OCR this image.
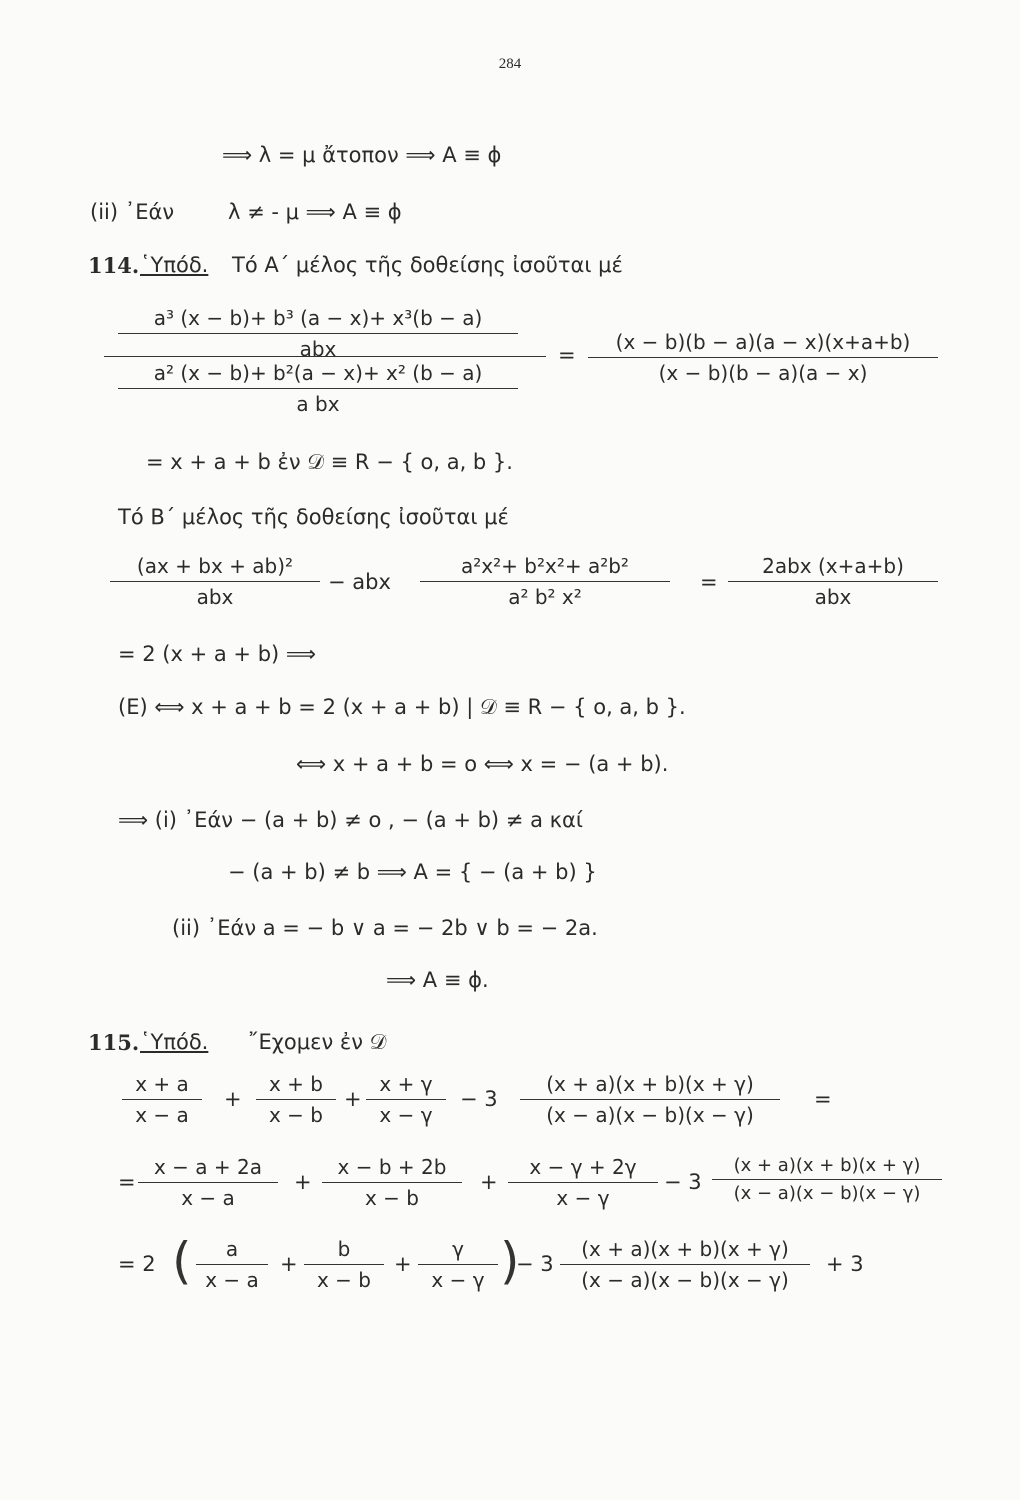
284
⟹ λ = μ ἄτοπον ⟹ A ≡ ϕ
(ii) ᾽Εάν	λ ≠ - μ ⟹ A ≡ ϕ
114. ῾Υπόδ. Τό Α΄ μέλος τῆς δοθείσης ἰσοῦται μέ
a³ (x − b)+ b³ (a − x)+ x³(b − a)
abx
$\frac{\text{a² (x − b)+ b²(a − x)+ x² (b − a)}}{\text{a bx}}$
= $\frac{(x - b)(b - a)(a - x)(x+a+b)}{(x - b)(b - a)(a - x)}$
= x + a + b ἐν 𝒟 ≡ R − { o, a, b }.
Τό Β΄ μέλος τῆς δοθείσης ἰσοῦται μέ
(ax + bx + ab)²
abx
− abx $\frac{\text{a²x²+ b²x²+ a²b²}}{\text{a² b² x²}}$ =
2abx (x+a+b)
abx
= 2 (x + a + b) ⟹
(E) ⟺ x + a + b = 2 (x + a + b) | 𝒟 ≡ R − { o, a, b }.
⟺ x + a + b = o ⟺ x = − (a + b).
⟹ (i) ᾽Εάν − (a + b) ≠ o , − (a + b) ≠ a καί
− (a + b) ≠ b ⟹ A = { − (a + b) }
(ii) ᾽Εάν a = − b ∨ a = − 2b ∨ b = − 2a.
⟹ A ≡ ϕ.
115. ῾Υπόδ. ῎Εχομεν ἐν 𝒟
$\frac{x + a}{x - a} + \frac{x + b}{x - b} + \frac{x + \gamma}{x - \gamma} - 3 \frac{(x + a)(x + b)(x + \gamma)}{(x - a)(x - b)(x - \gamma)}$ =
= $\frac{x - a + 2a}{x - a} + \frac{x - b + 2b}{x - b} + \frac{x - \gamma + 2\gamma}{x - \gamma} - 3 \frac{(x + a)(x + b)(x + \gamma)}{(x - a)(x - b)(x - \gamma)}$
= 2 ( $\frac{a}{x - a} + \frac{b}{x - b} + \frac{\gamma}{x - \gamma}$ )
− $3 \frac{(x + a)(x + b)(x + \gamma)}{(x - a)(x - b)(x - \gamma)} + 3$
